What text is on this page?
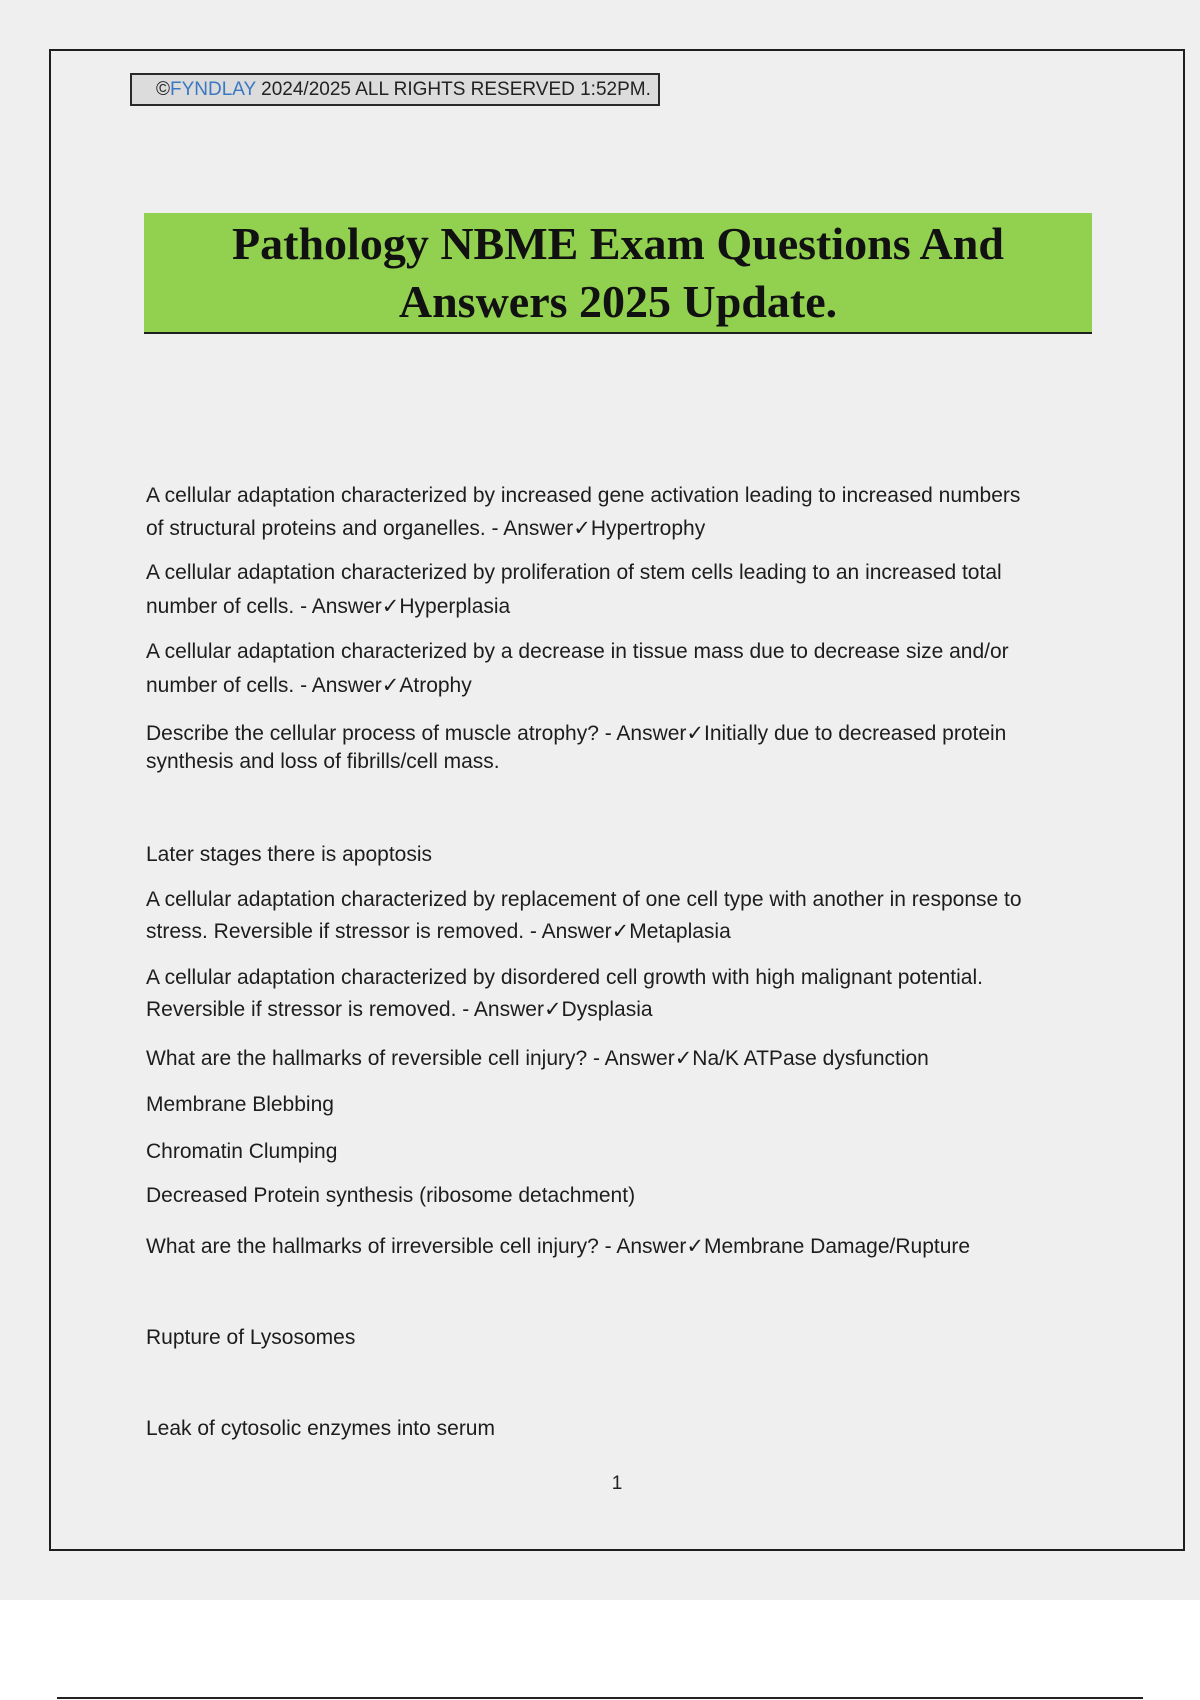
©FYNDLAY 2024/2025 ALL RIGHTS RESERVED 1:52PM.
Pathology NBME Exam Questions And
Answers 2025 Update.
A cellular adaptation characterized by increased gene activation leading to increased numbers
of structural proteins and organelles. - Answer✓Hypertrophy
A cellular adaptation characterized by proliferation of stem cells leading to an increased total
number of cells. - Answer✓Hyperplasia
A cellular adaptation characterized by a decrease in tissue mass due to decrease size and/or
number of cells. - Answer✓Atrophy
Describe the cellular process of muscle atrophy? - Answer✓Initially due to decreased protein
synthesis and loss of fibrills/cell mass.
Later stages there is apoptosis
A cellular adaptation characterized by replacement of one cell type with another in response to
stress. Reversible if stressor is removed. - Answer✓Metaplasia
A cellular adaptation characterized by disordered cell growth with high malignant potential.
Reversible if stressor is removed. - Answer✓Dysplasia
What are the hallmarks of reversible cell injury? - Answer✓Na/K ATPase dysfunction
Membrane Blebbing
Chromatin Clumping
Decreased Protein synthesis (ribosome detachment)
What are the hallmarks of irreversible cell injury? - Answer✓Membrane Damage/Rupture
Rupture of Lysosomes
Leak of cytosolic enzymes into serum
1
